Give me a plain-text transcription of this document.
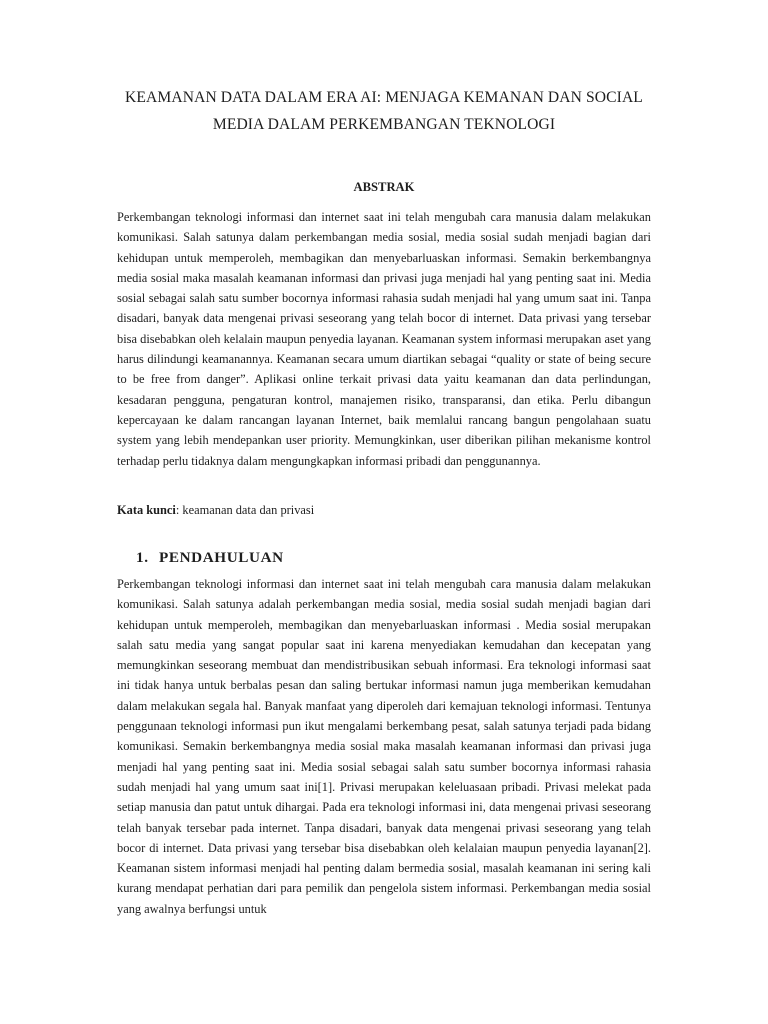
KEAMANAN DATA DALAM ERA AI: MENJAGA KEMANAN DAN SOCIAL MEDIA DALAM PERKEMBANGAN TEKNOLOGI
ABSTRAK

Perkembangan teknologi informasi dan internet saat ini telah mengubah cara manusia dalam melakukan komunikasi. Salah satunya dalam perkembangan media sosial, media sosial sudah menjadi bagian dari kehidupan untuk memperoleh, membagikan dan menyebarluaskan informasi. Semakin berkembangnya media sosial maka masalah keamanan informasi dan privasi juga menjadi hal yang penting saat ini. Media sosial sebagai salah satu sumber bocornya informasi rahasia sudah menjadi hal yang umum saat ini. Tanpa disadari, banyak data mengenai privasi seseorang yang telah bocor di internet. Data privasi yang tersebar bisa disebabkan oleh kelalain maupun penyedia layanan. Keamanan system informasi merupakan aset yang harus dilindungi keamanannya. Keamanan secara umum diartikan sebagai “quality or state of being secure to be free from danger”. Aplikasi online terkait privasi data yaitu keamanan dan data perlindungan, kesadaran pengguna, pengaturan kontrol, manajemen risiko, transparansi, dan etika. Perlu dibangun kepercayaan ke dalam rancangan layanan Internet, baik memlalui rancang bangun pengolahaan suatu system yang lebih mendepankan user priority. Memungkinkan, user diberikan pilihan mekanisme kontrol terhadap perlu tidaknya dalam mengungkapkan informasi pribadi dan penggunannya.

Kata kunci: keamanan data dan privasi

1. PENDAHULUAN

Perkembangan teknologi informasi dan internet saat ini telah mengubah cara manusia dalam melakukan komunikasi. Salah satunya adalah perkembangan media sosial, media sosial sudah menjadi bagian dari kehidupan untuk memperoleh, membagikan dan menyebarluaskan informasi . Media sosial merupakan salah satu media yang sangat popular saat ini karena menyediakan kemudahan dan kecepatan yang memungkinkan seseorang membuat dan mendistribusikan sebuah informasi. Era teknologi informasi saat ini tidak hanya untuk berbalas pesan dan saling bertukar informasi namun juga memberikan kemudahan dalam melakukan segala hal. Banyak manfaat yang diperoleh dari kemajuan teknologi informasi. Tentunya penggunaan teknologi informasi pun ikut mengalami berkembang pesat, salah satunya terjadi pada bidang komunikasi. Semakin berkembangnya media sosial maka masalah keamanan informasi dan privasi juga menjadi hal yang penting saat ini. Media sosial sebagai salah satu sumber bocornya informasi rahasia sudah menjadi hal yang umum saat ini[1]. Privasi merupakan keleluasaan pribadi. Privasi melekat pada setiap manusia dan patut untuk dihargai. Pada era teknologi informasi ini, data mengenai privasi seseorang telah banyak tersebar pada internet. Tanpa disadari, banyak data mengenai privasi seseorang yang telah bocor di internet. Data privasi yang tersebar bisa disebabkan oleh kelalaian maupun penyedia layanan[2]. Keamanan sistem informasi menjadi hal penting dalam bermedia sosial, masalah keamanan ini sering kali kurang mendapat perhatian dari para pemilik dan pengelola sistem informasi. Perkembangan media sosial yang awalnya berfungsi untuk
